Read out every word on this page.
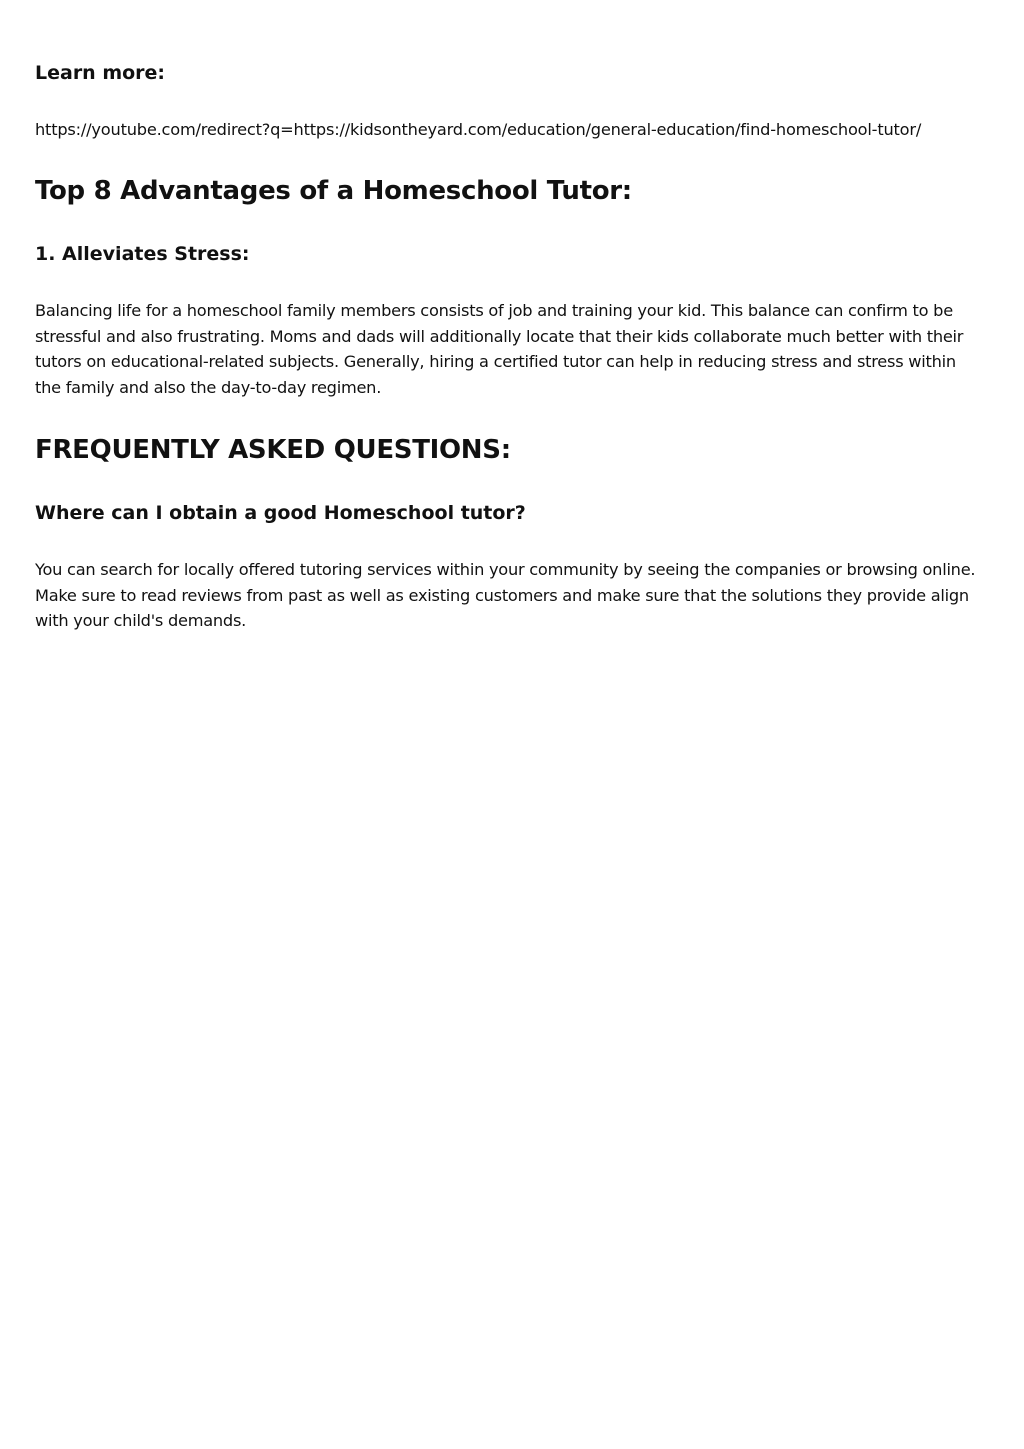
Learn more:
https://youtube.com/redirect?q=https://kidsontheyard.com/education/general-education/find-homeschool-tutor/
Top 8 Advantages of a Homeschool Tutor:
1. Alleviates Stress:

Balancing life for a homeschool family members consists of job and training your kid. This balance can confirm to be stressful and also frustrating. Moms and dads will additionally locate that their kids collaborate much better with their tutors on educational-related subjects. Generally, hiring a certified tutor can help in reducing stress and stress within the family and also the day-to-day regimen.

FREQUENTLY ASKED QUESTIONS:
Where can I obtain a good Homeschool tutor?

You can search for locally offered tutoring services within your community by seeing the companies or browsing online. Make sure to read reviews from past as well as existing customers and make sure that the solutions they provide align with your child's demands.
